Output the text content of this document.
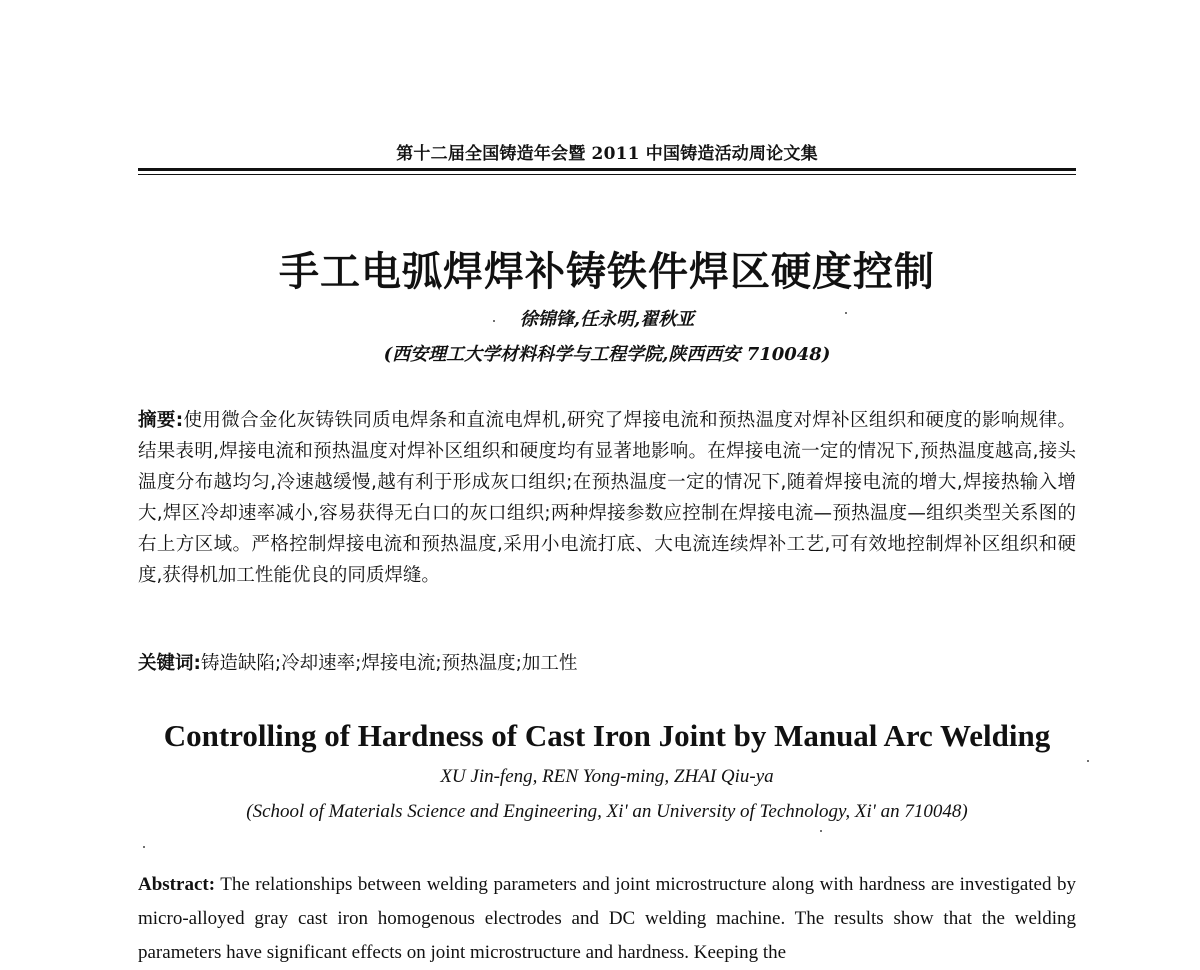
第十二届全国铸造年会暨 2011 中国铸造活动周论文集
手工电弧焊焊补铸铁件焊区硬度控制
徐锦锋,任永明,翟秋亚
(西安理工大学材料科学与工程学院,陕西西安 710048)

摘要:使用微合金化灰铸铁同质电焊条和直流电焊机,研究了焊接电流和预热温度对焊补区组织和硬度的影响规律。结果表明,焊接电流和预热温度对焊补区组织和硬度均有显著地影响。在焊接电流一定的情况下,预热温度越高,接头温度分布越均匀,冷速越缓慢,越有利于形成灰口组织;在预热温度一定的情况下,随着焊接电流的增大,焊接热输入增大,焊区冷却速率减小,容易获得无白口的灰口组织;两种焊接参数应控制在焊接电流—预热温度—组织类型关系图的右上方区域。严格控制焊接电流和预热温度,采用小电流打底、大电流连续焊补工艺,可有效地控制焊补区组织和硬度,获得机加工性能优良的同质焊缝。

关键词:铸造缺陷;冷却速率;焊接电流;预热温度;加工性

Controlling of Hardness of Cast Iron Joint by Manual Arc Welding
XU Jin-feng, REN Yong-ming, ZHAI Qiu-ya
(School of Materials Science and Engineering, Xi' an University of Technology, Xi' an 710048)

Abstract: The relationships between welding parameters and joint microstructure along with hardness are investigated by micro-alloyed gray cast iron homogenous electrodes and DC welding machine. The results show that the welding parameters have significant effects on joint microstructure and hardness. Keeping the
